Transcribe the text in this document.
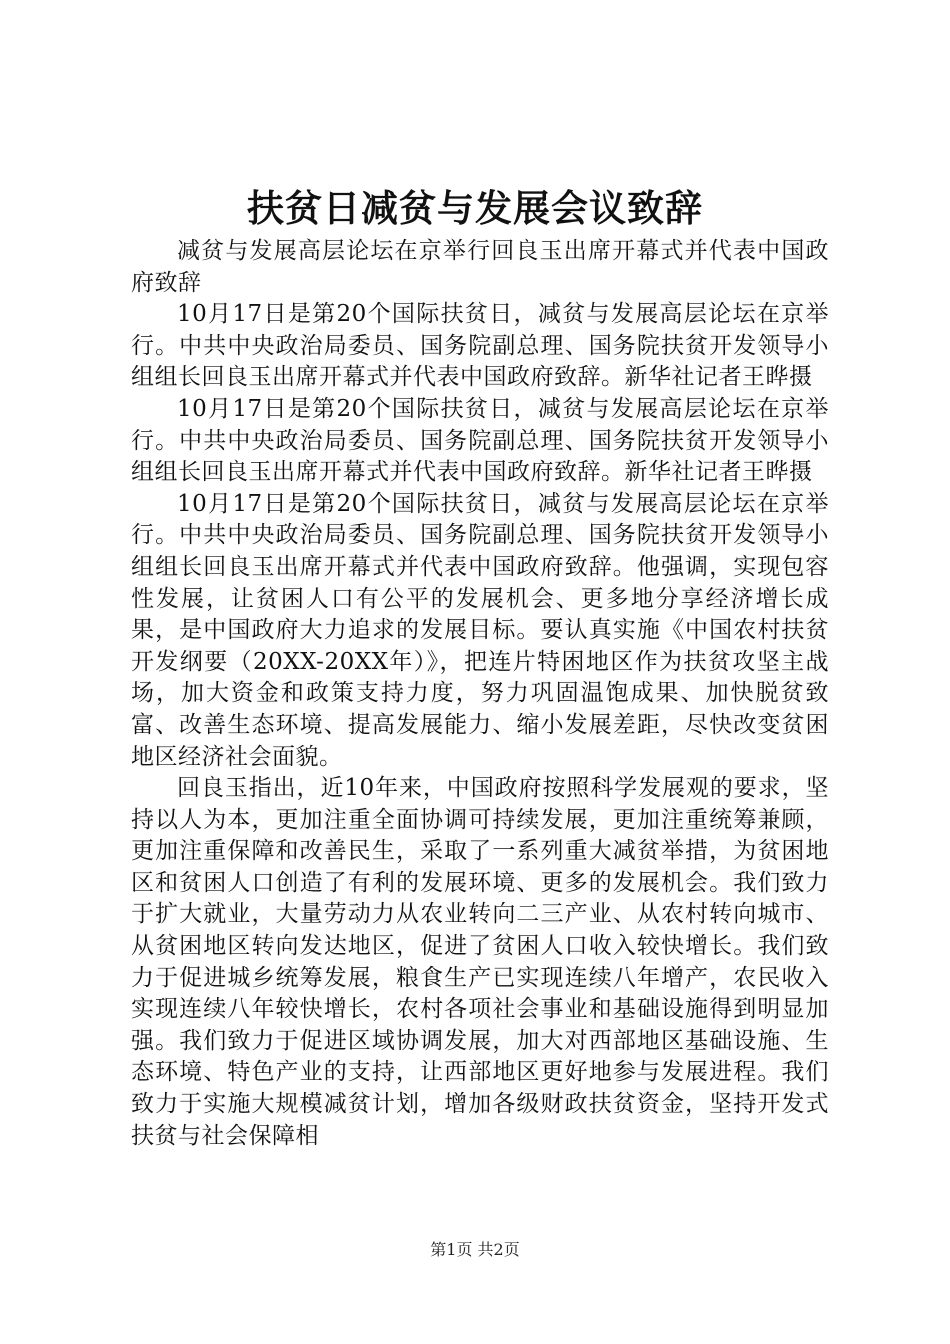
扶贫日减贫与发展会议致辞

减贫与发展高层论坛在京举行回良玉出席开幕式并代表中国政府致辞

10月17日是第20个国际扶贫日，减贫与发展高层论坛在京举行。中共中央政治局委员、国务院副总理、国务院扶贫开发领导小组组长回良玉出席开幕式并代表中国政府致辞。新华社记者王晔摄

10月17日是第20个国际扶贫日，减贫与发展高层论坛在京举行。中共中央政治局委员、国务院副总理、国务院扶贫开发领导小组组长回良玉出席开幕式并代表中国政府致辞。新华社记者王晔摄

10月17日是第20个国际扶贫日，减贫与发展高层论坛在京举行。中共中央政治局委员、国务院副总理、国务院扶贫开发领导小组组长回良玉出席开幕式并代表中国政府致辞。他强调，实现包容性发展，让贫困人口有公平的发展机会、更多地分享经济增长成果，是中国政府大力追求的发展目标。要认真实施《中国农村扶贫开发纲要（20XX-20XX年）》，把连片特困地区作为扶贫攻坚主战场，加大资金和政策支持力度，努力巩固温饱成果、加快脱贫致富、改善生态环境、提高发展能力、缩小发展差距，尽快改变贫困地区经济社会面貌。

回良玉指出，近10年来，中国政府按照科学发展观的要求，坚持以人为本，更加注重全面协调可持续发展，更加注重统筹兼顾，更加注重保障和改善民生，采取了一系列重大减贫举措，为贫困地区和贫困人口创造了有利的发展环境、更多的发展机会。我们致力于扩大就业，大量劳动力从农业转向二三产业、从农村转向城市、从贫困地区转向发达地区，促进了贫困人口收入较快增长。我们致力于促进城乡统筹发展，粮食生产已实现连续八年增产，农民收入实现连续八年较快增长，农村各项社会事业和基础设施得到明显加强。我们致力于促进区域协调发展，加大对西部地区基础设施、生态环境、特色产业的支持，让西部地区更好地参与发展进程。我们致力于实施大规模减贫计划，增加各级财政扶贫资金，坚持开发式扶贫与社会保障相

第1页 共2页
